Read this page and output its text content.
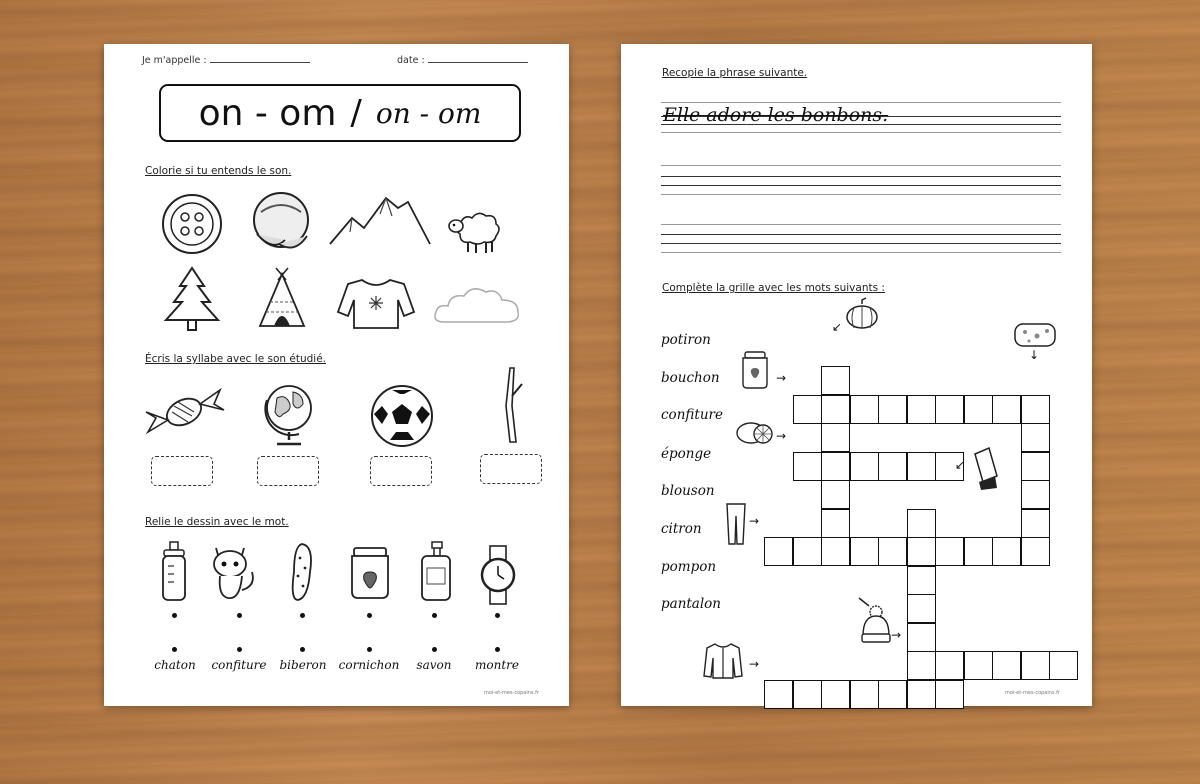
Je m'appelle :	date :
on - om / on - om
Colorie si tu entends le son.
Écris la syllabe avec le son étudié.
Relie le dessin avec le mot.
chaton	confiture	biberon	cornichon	savon	montre
moi-et-mes-copains.fr
Recopie la phrase suivante.
Elle adore les bonbons.
Complète la grille avec les mots suivants :
potiron
bouchon
confiture
éponge
blouson
citron
pompon
pantalon
→
→
→
→
→
↙
↓
↙
moi-et-mes-copains.fr
